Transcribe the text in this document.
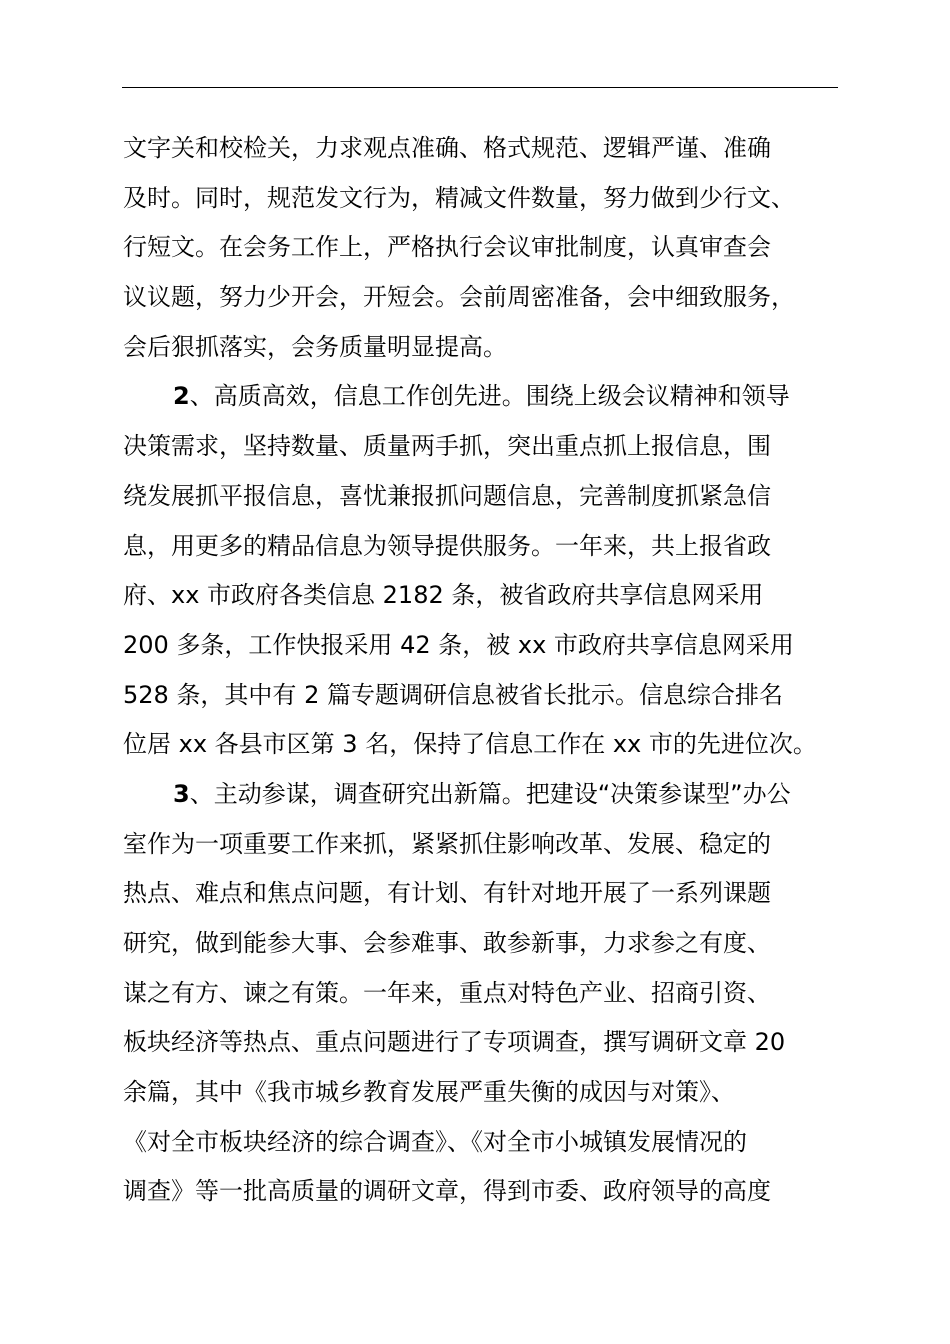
文字关和校检关，力求观点准确、格式规范、逻辑严谨、准确
及时。同时，规范发文行为，精减文件数量，努力做到少行文、
行短文。在会务工作上，严格执行会议审批制度，认真审查会
议议题，努力少开会，开短会。会前周密准备，会中细致服务，
会后狠抓落实，会务质量明显提高。
2、高质高效，信息工作创先进。围绕上级会议精神和领导
决策需求，坚持数量、质量两手抓，突出重点抓上报信息，围
绕发展抓平报信息，喜忧兼报抓问题信息，完善制度抓紧急信
息，用更多的精品信息为领导提供服务。一年来，共上报省政
府、xx 市政府各类信息 2182 条，被省政府共享信息网采用
200 多条，工作快报采用 42 条，被 xx 市政府共享信息网采用
528 条，其中有 2 篇专题调研信息被省长批示。信息综合排名
位居 xx 各县市区第 3 名，保持了信息工作在 xx 市的先进位次。
3、主动参谋，调查研究出新篇。把建设“决策参谋型”办公
室作为一项重要工作来抓，紧紧抓住影响改革、发展、稳定的
热点、难点和焦点问题，有计划、有针对地开展了一系列课题
研究，做到能参大事、会参难事、敢参新事，力求参之有度、
谋之有方、谏之有策。一年来，重点对特色产业、招商引资、
板块经济等热点、重点问题进行了专项调查，撰写调研文章 20
余篇，其中《我市城乡教育发展严重失衡的成因与对策》、
《对全市板块经济的综合调查》、《对全市小城镇发展情况的
调查》等一批高质量的调研文章，得到市委、政府领导的高度
